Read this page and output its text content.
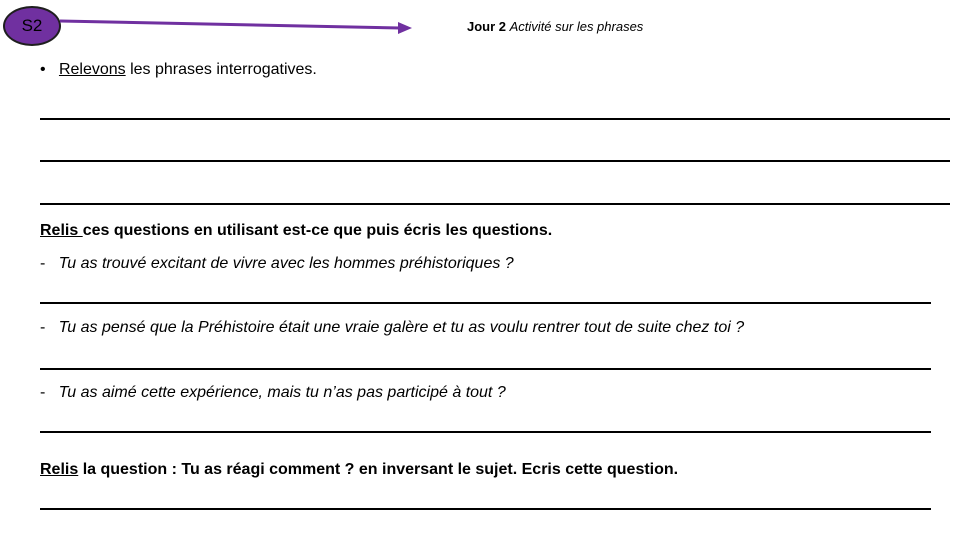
S2	Jour 2 Activité sur les phrases
• Relevons les phrases interrogatives.
Relis ces questions en utilisant est-ce que puis écris les questions.
- Tu as trouvé excitant de vivre avec les hommes préhistoriques ?
- Tu as pensé que la Préhistoire était une vraie galère et tu as voulu rentrer tout de suite chez toi ?
- Tu as aimé cette expérience, mais tu n’as pas participé à tout ?
Relis la question : Tu as réagi comment ? en inversant le sujet. Ecris cette question.
